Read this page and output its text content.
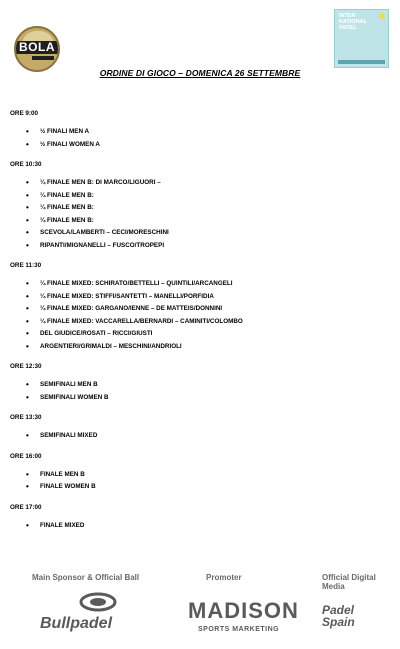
BOLA
INTER
NATIONAL
PADEL
ORDINE DI GIOCO – DOMENICA 26 SETTEMBRE
ORE 9:00
• ½ FINALI MEN A
• ½ FINALI WOMEN A
ORE 10:30
• ¼ FINALE MEN B: DI MARCO/LIGUORI –
• ¼ FINALE MEN B:
• ¼ FINALE MEN B:
• ¼ FINALE MEN B:
• SCEVOLA/LAMBERTI – CECI/MORESCHINI
• RIPANTI/MIGNANELLI – FUSCO/TROPEPI
ORE 11:30
• ¼ FINALE MIXED: SCHIRATO/BETTELLI – QUINTILI/ARCANGELI
• ¼ FINALE MIXED: STIFFI/SANTETTI – MANELLI/PORFIDIA
• ¼ FINALE MIXED: GARGANO/IENNE – DE MATTEIS/DONNINI
• ¼ FINALE MIXED: VACCARELLA/BERNARDI – CAMINITI/COLOMBO
• DEL GIUDICE/ROSATI – RICCI/GIUSTI
• ARGENTIERI/GRIMALDI – MESCHINI/ANDRIOLI
ORE 12:30
• SEMIFINALI MEN B
• SEMIFINALI WOMEN B
ORE 13:30
• SEMIFINALI MIXED
ORE 16:00
• FINALE MEN B
• FINALE WOMEN B
ORE 17:00
• FINALE MIXED
Main Sponsor & Official Ball	Promoter	Official Digital Media
Bullpadel
MADISON
SPORTS MARKETING
Padel Spain
